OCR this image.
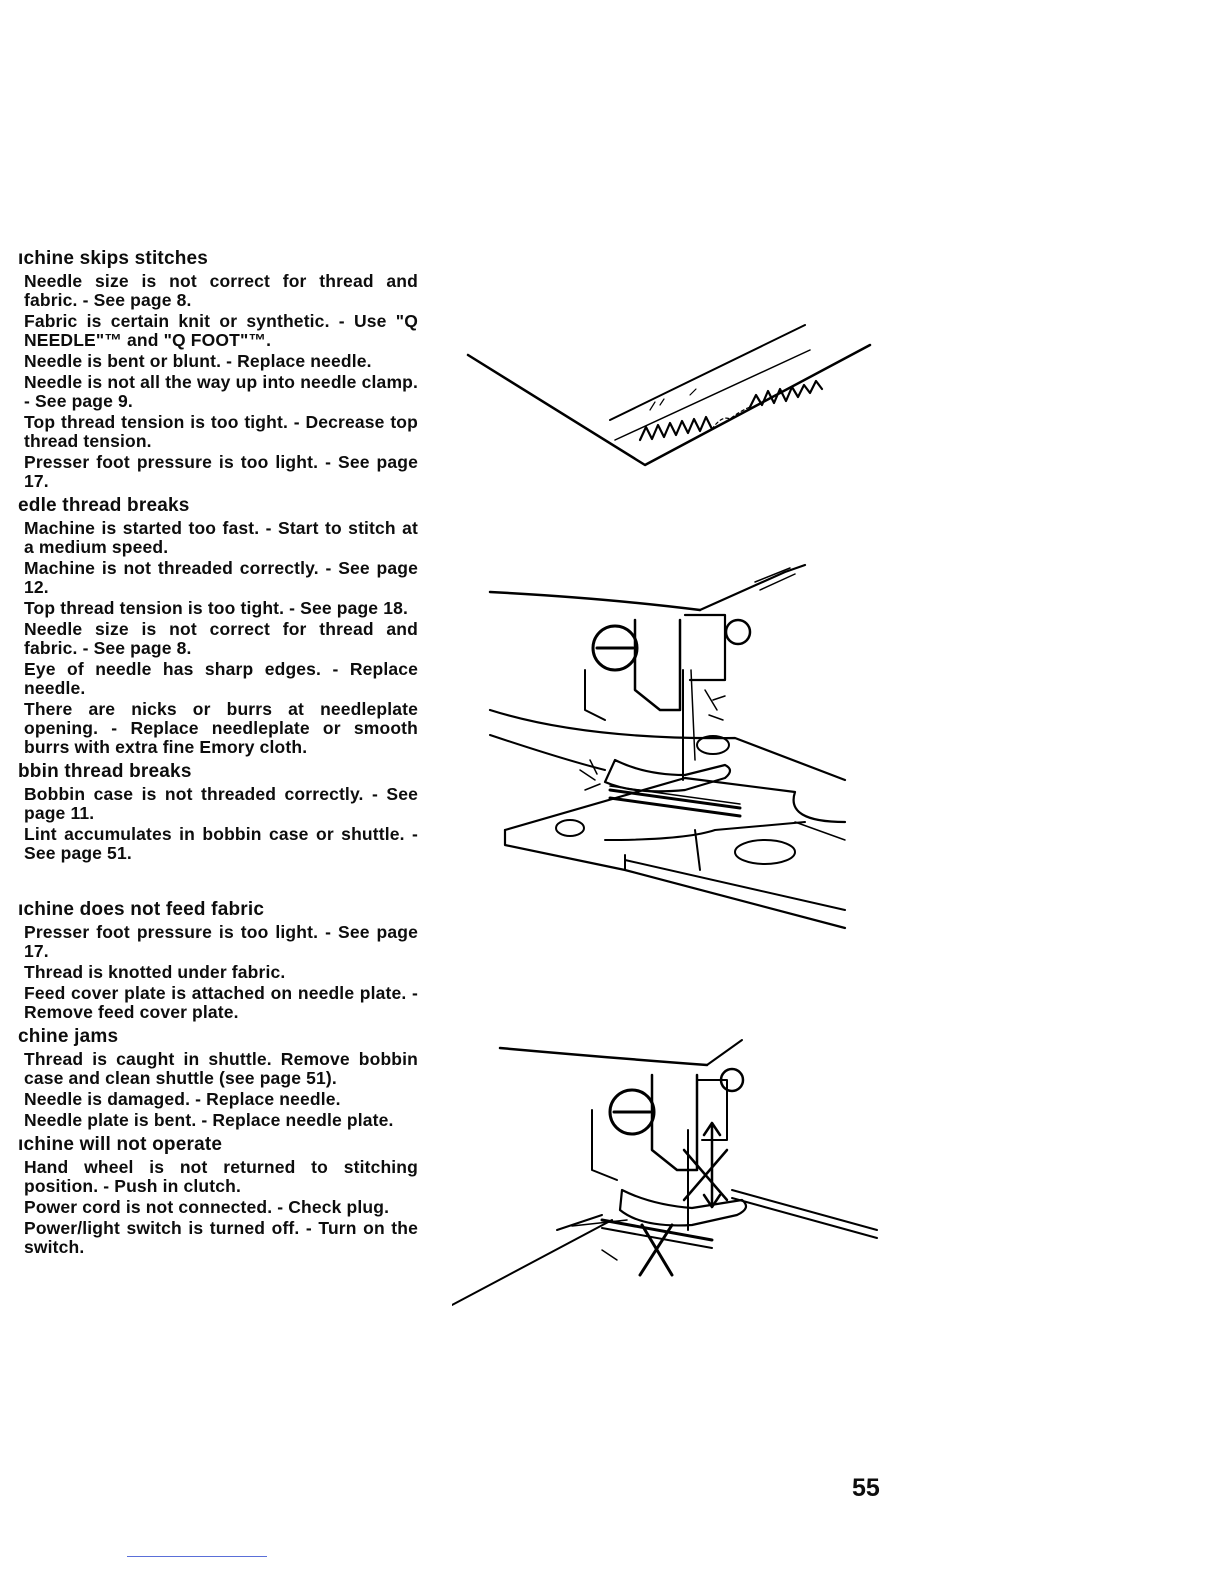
ıchine skips stitches
Needle size is not correct for thread and fabric. - See page 8.
Fabric is certain knit or synthetic. - Use "Q NEEDLE"™ and "Q FOOT"™.
Needle is bent or blunt. - Replace needle.
Needle is not all the way up into needle clamp. - See page 9.
Top thread tension is too tight. - Decrease top thread tension.
Presser foot pressure is too light. - See page 17.
edle thread breaks
Machine is started too fast. - Start to stitch at a medium speed.
Machine is not threaded correctly. - See page 12.
Top thread tension is too tight. - See page 18.
Needle size is not correct for thread and fabric. - See page 8.
Eye of needle has sharp edges. - Replace needle.
There are nicks or burrs at needleplate opening. - Replace needleplate or smooth burrs with extra fine Emory cloth.
bbin thread breaks
Bobbin case is not threaded correctly. - See page 11.
Lint accumulates in bobbin case or shuttle. - See page 51.
ıchine does not feed fabric
Presser foot pressure is too light. - See page 17.
Thread is knotted under fabric.
Feed cover plate is attached on needle plate. - Remove feed cover plate.
chine jams
Thread is caught in shuttle. Remove bobbin case and clean shuttle (see page 51).
Needle is damaged. - Replace needle.
Needle plate is bent. - Replace needle plate.
ıchine will not operate
Hand wheel is not returned to stitching position. - Push in clutch.
Power cord is not connected. - Check plug.
Power/light switch is turned off. - Turn on the switch.
55
